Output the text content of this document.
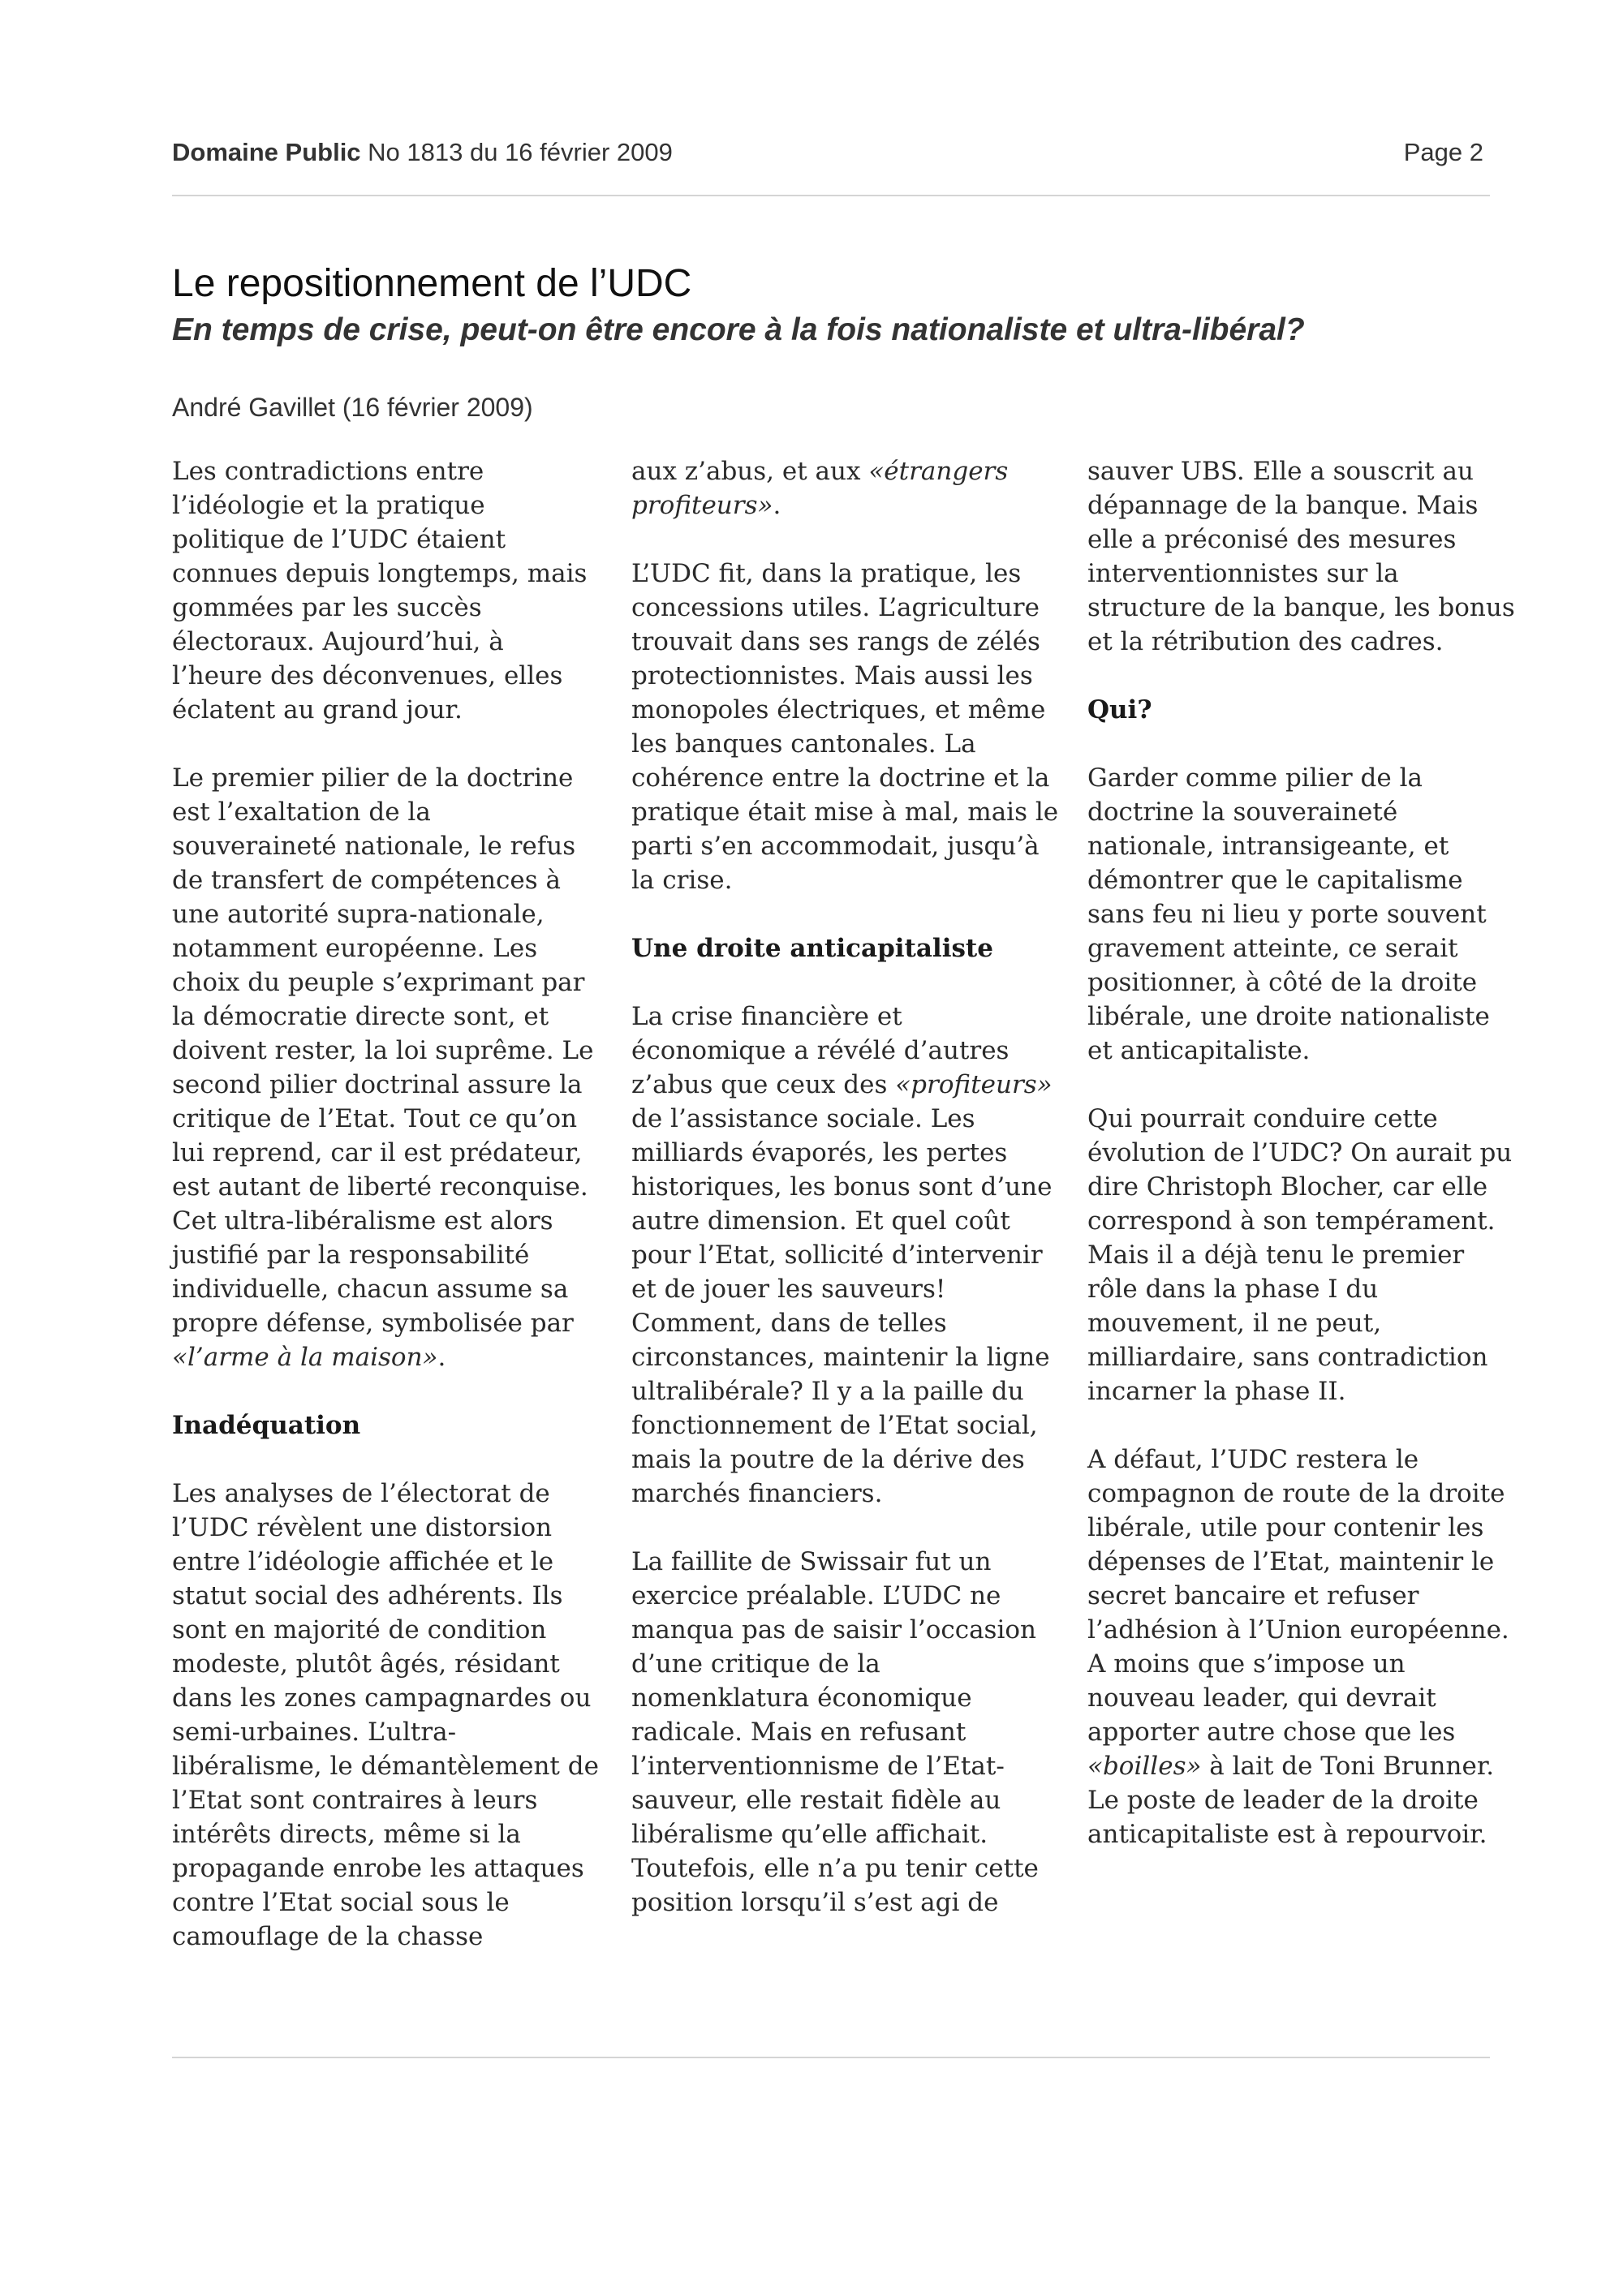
Domaine Public No 1813 du 16 février 2009	Page 2
Le repositionnement de l’UDC
En temps de crise, peut-on être encore à la fois nationaliste et ultra-libéral?
André Gavillet (16 février 2009)

Les contradictions entre l’idéologie et la pratique politique de l’UDC étaient connues depuis longtemps, mais gommées par les succès électoraux. Aujourd’hui, à l’heure des déconvenues, elles éclatent au grand jour.

Le premier pilier de la doctrine est l’exaltation de la souveraineté nationale, le refus de transfert de compétences à une autorité supra-nationale, notamment européenne. Les choix du peuple s’exprimant par la démocratie directe sont, et doivent rester, la loi suprême. Le second pilier doctrinal assure la critique de l’Etat. Tout ce qu’on lui reprend, car il est prédateur, est autant de liberté reconquise. Cet ultra-libéralisme est alors justifié par la responsabilité individuelle, chacun assume sa propre défense, symbolisée par «l’arme à la maison».

Inadéquation

Les analyses de l’électorat de l’UDC révèlent une distorsion entre l’idéologie affichée et le statut social des adhérents. Ils sont en majorité de condition modeste, plutôt âgés, résidant dans les zones campagnardes ou semi-urbaines. L’ultra-libéralisme, le démantèlement de l’Etat sont contraires à leurs intérêts directs, même si la propagande enrobe les attaques contre l’Etat social sous le camouflage de la chasse

aux z’abus, et aux «étrangers profiteurs».

L’UDC fit, dans la pratique, les concessions utiles. L’agriculture trouvait dans ses rangs de zélés protectionnistes. Mais aussi les monopoles électriques, et même les banques cantonales. La cohérence entre la doctrine et la pratique était mise à mal, mais le parti s’en accommodait, jusqu’à la crise.

Une droite anticapitaliste

La crise financière et économique a révélé d’autres z’abus que ceux des «profiteurs» de l’assistance sociale. Les milliards évaporés, les pertes historiques, les bonus sont d’une autre dimension. Et quel coût pour l’Etat, sollicité d’intervenir et de jouer les sauveurs! Comment, dans de telles circonstances, maintenir la ligne ultralibérale? Il y a la paille du fonctionnement de l’Etat social, mais la poutre de la dérive des marchés financiers.

La faillite de Swissair fut un exercice préalable. L’UDC ne manqua pas de saisir l’occasion d’une critique de la nomenklatura économique radicale. Mais en refusant l’interventionnisme de l’Etat-sauveur, elle restait fidèle au libéralisme qu’elle affichait. Toutefois, elle n’a pu tenir cette position lorsqu’il s’est agi de

sauver UBS. Elle a souscrit au dépannage de la banque. Mais elle a préconisé des mesures interventionnistes sur la structure de la banque, les bonus et la rétribution des cadres.

Qui?

Garder comme pilier de la doctrine la souveraineté nationale, intransigeante, et démontrer que le capitalisme sans feu ni lieu y porte souvent gravement atteinte, ce serait positionner, à côté de la droite libérale, une droite nationaliste et anticapitaliste.

Qui pourrait conduire cette évolution de l’UDC? On aurait pu dire Christoph Blocher, car elle correspond à son tempérament. Mais il a déjà tenu le premier rôle dans la phase I du mouvement, il ne peut, milliardaire, sans contradiction incarner la phase II.

A défaut, l’UDC restera le compagnon de route de la droite libérale, utile pour contenir les dépenses de l’Etat, maintenir le secret bancaire et refuser l’adhésion à l’Union européenne. A moins que s’impose un nouveau leader, qui devrait apporter autre chose que les «boilles» à lait de Toni Brunner. Le poste de leader de la droite anticapitaliste est à repourvoir.
